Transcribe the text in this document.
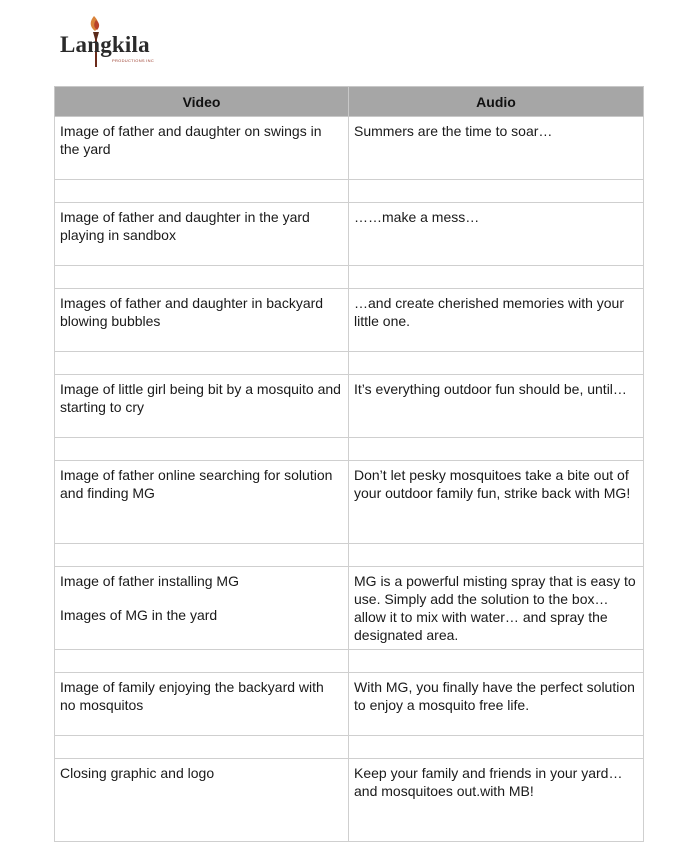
Langkila
PRODUCTIONS INC
Video	Audio

Image of father and daughter on swings in the yard	Summers are the time to soar…

Image of father and daughter in the yard playing in sandbox	……make a mess…

Images of father and daughter in backyard blowing bubbles	…and create cherished memories with your little one.

Image of little girl being bit by a mosquito and starting to cry	It’s everything outdoor fun should be, until…

Image of father online searching for solution and finding MG	Don’t let pesky mosquitoes take a bite out of your outdoor family fun, strike back with MG!

Image of father installing MG
Images of MG in the yard	MG is a powerful misting spray that is easy to use. Simply add the solution to the box… allow it to mix with water… and spray the designated area.

Image of family enjoying the backyard with no mosquitos	With MG, you finally have the perfect solution to enjoy a mosquito free life.

Closing graphic and logo	Keep your family and friends in your yard… and mosquitoes out.with MB!
